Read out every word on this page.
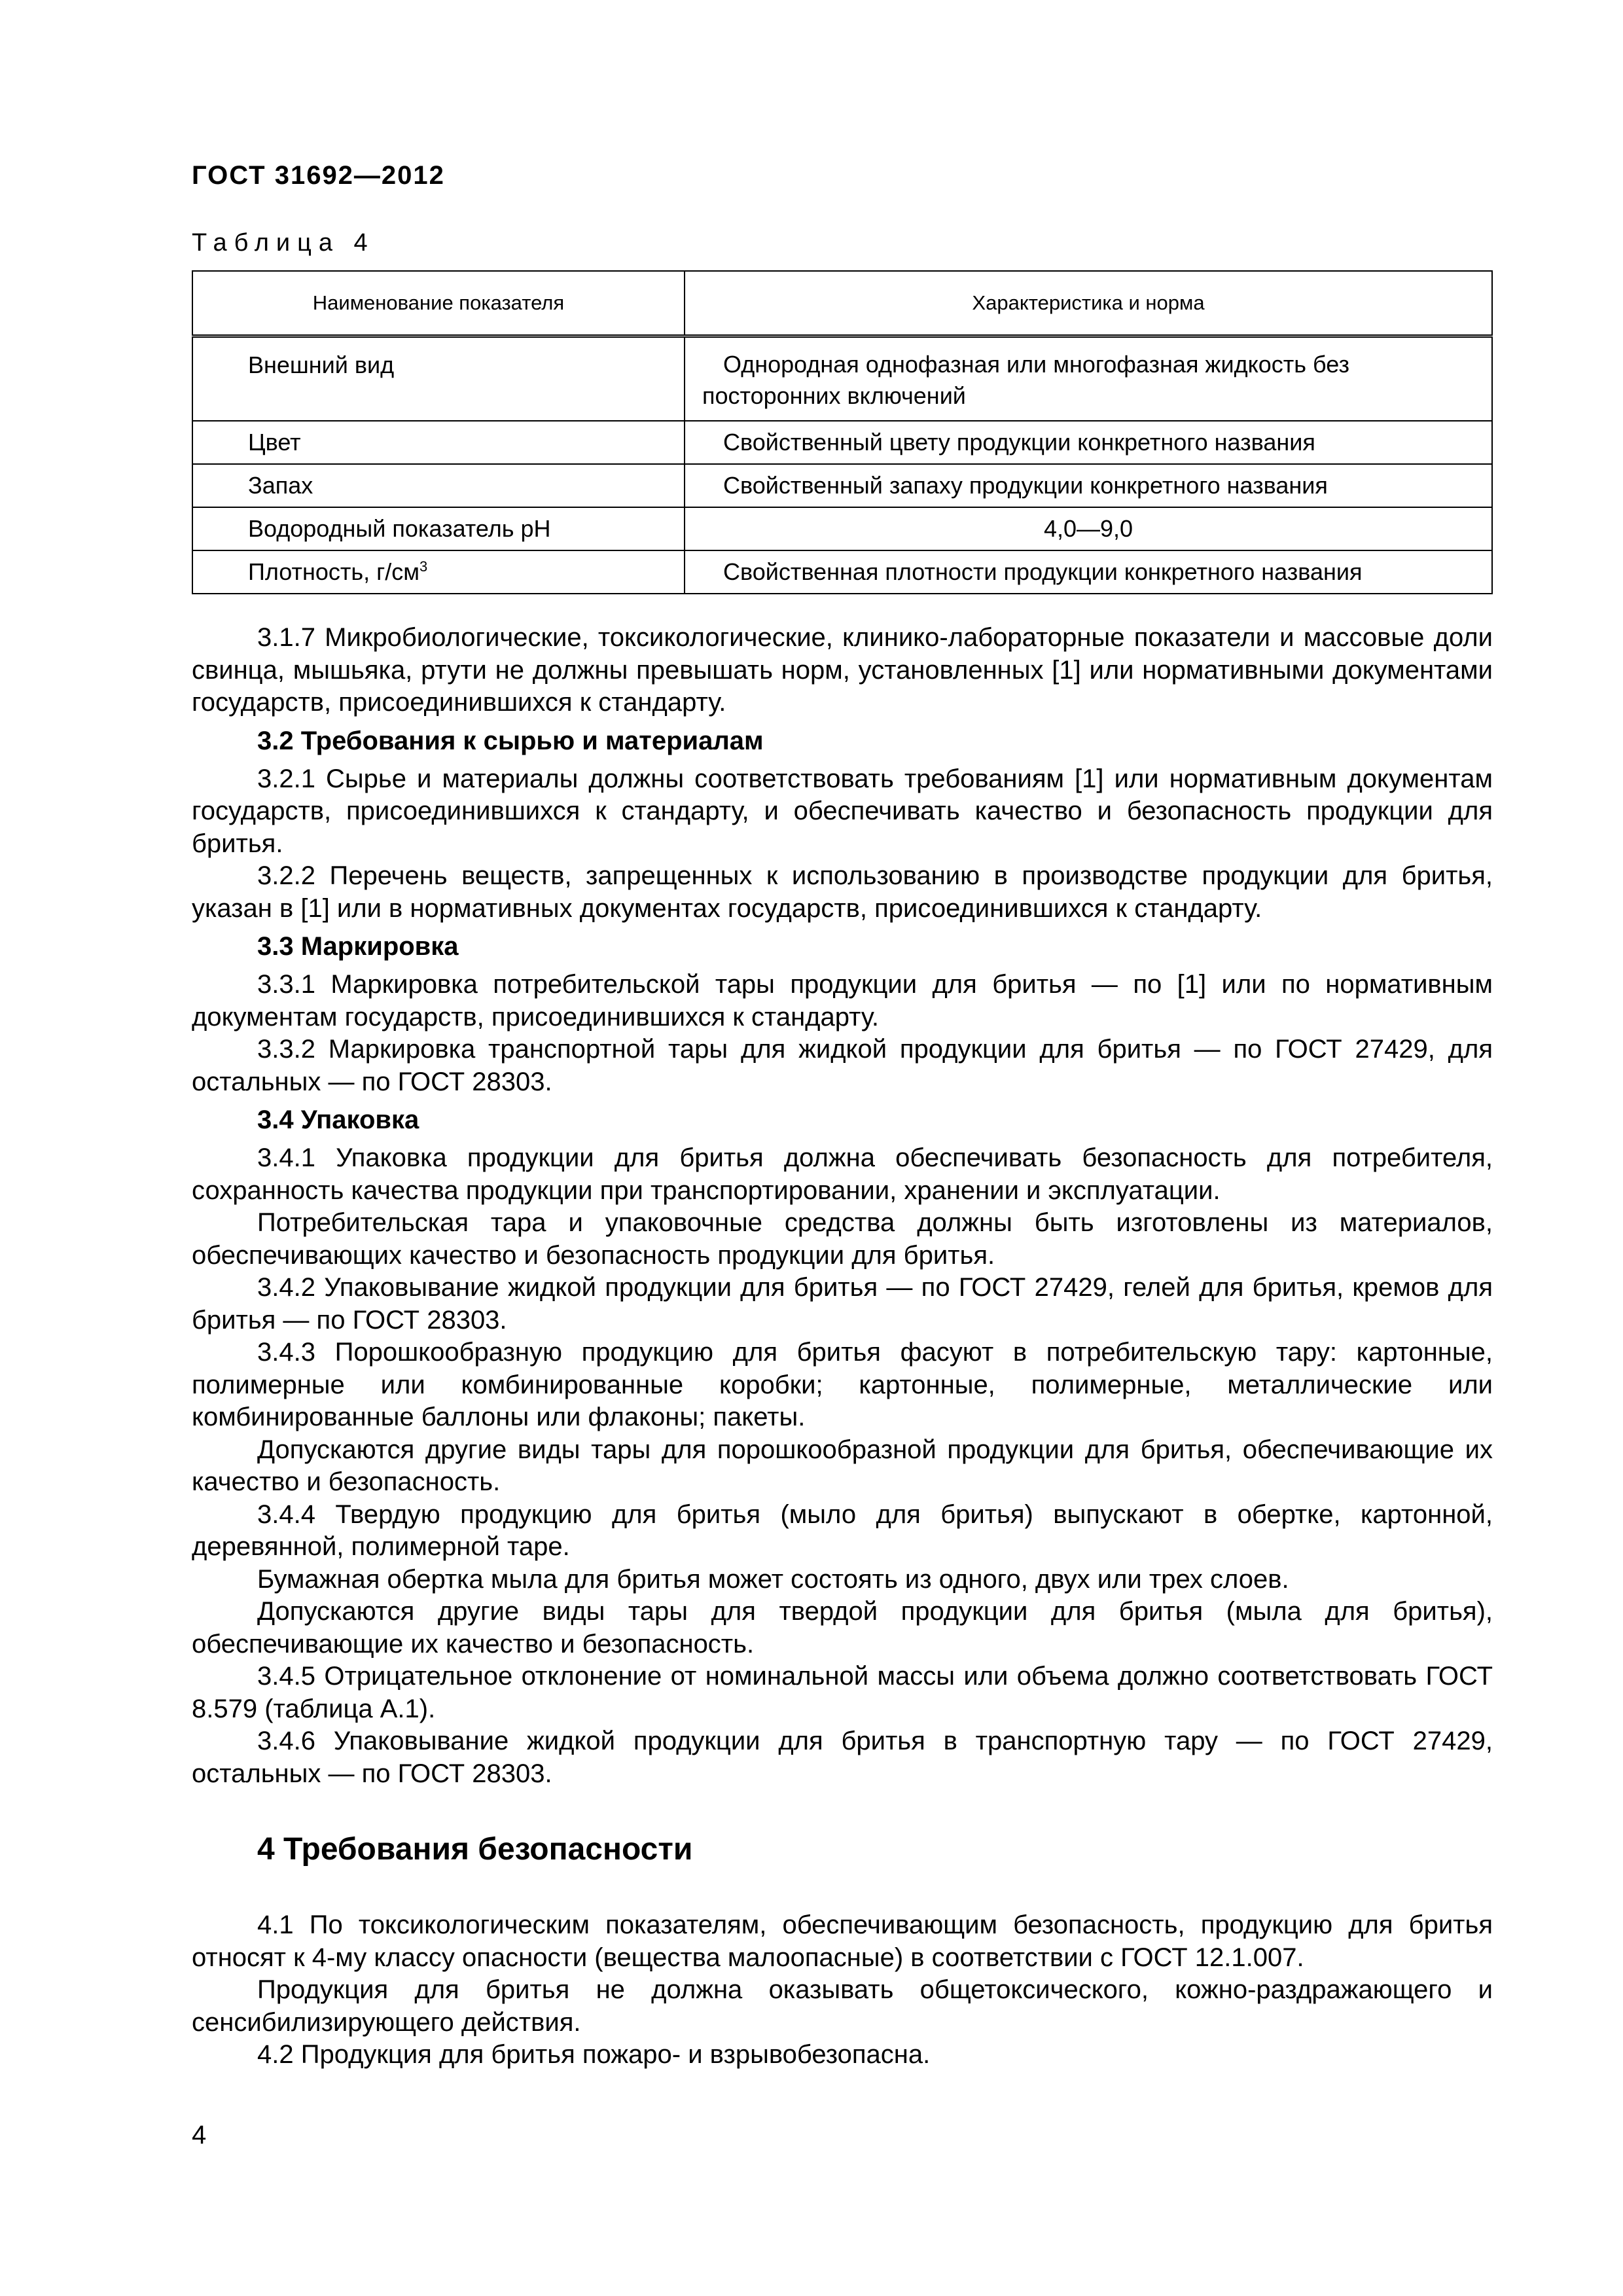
ГОСТ 31692—2012
Таблица 4
Наименование показателя	Характеристика и норма
Внешний вид	Однородная однофазная или многофазная жидкость без посторонних включений
Цвет	Свойственный цвету продукции конкретного названия
Запах	Свойственный запаху продукции конкретного названия
Водородный показатель pH	4,0—9,0
Плотность, $г/см^3$	Свойственная плотности продукции конкретного названия

3.1.7 Микробиологические, токсикологические, клинико-лабораторные показатели и массовые доли свинца, мышьяка, ртути не должны превышать норм, установленных [1] или нормативными документами государств, присоединившихся к стандарту.

3.2 Требования к сырью и материалам

3.2.1 Сырье и материалы должны соответствовать требованиям [1] или нормативным документам государств, присоединившихся к стандарту, и обеспечивать качество и безопасность продукции для бритья.

3.2.2 Перечень веществ, запрещенных к использованию в производстве продукции для бритья, указан в [1] или в нормативных документах государств, присоединившихся к стандарту.

3.3 Маркировка

3.3.1 Маркировка потребительской тары продукции для бритья — по [1] или по нормативным документам государств, присоединившихся к стандарту.

3.3.2 Маркировка транспортной тары для жидкой продукции для бритья — по ГОСТ 27429, для остальных — по ГОСТ 28303.

3.4 Упаковка

3.4.1 Упаковка продукции для бритья должна обеспечивать безопасность для потребителя, сохранность качества продукции при транспортировании, хранении и эксплуатации.

Потребительская тара и упаковочные средства должны быть изготовлены из материалов, обеспечивающих качество и безопасность продукции для бритья.

3.4.2 Упаковывание жидкой продукции для бритья — по ГОСТ 27429, гелей для бритья, кремов для бритья — по ГОСТ 28303.

3.4.3 Порошкообразную продукцию для бритья фасуют в потребительскую тару: картонные, полимерные или комбинированные коробки; картонные, полимерные, металлические или комбинированные баллоны или флаконы; пакеты.

Допускаются другие виды тары для порошкообразной продукции для бритья, обеспечивающие их качество и безопасность.

3.4.4 Твердую продукцию для бритья (мыло для бритья) выпускают в обертке, картонной, деревянной, полимерной таре.

Бумажная обертка мыла для бритья может состоять из одного, двух или трех слоев.

Допускаются другие виды тары для твердой продукции для бритья (мыла для бритья), обеспечивающие их качество и безопасность.

3.4.5 Отрицательное отклонение от номинальной массы или объема должно соответствовать ГОСТ 8.579 (таблица А.1).

3.4.6 Упаковывание жидкой продукции для бритья в транспортную тару — по ГОСТ 27429, остальных — по ГОСТ 28303.

4 Требования безопасности

4.1 По токсикологическим показателям, обеспечивающим безопасность, продукцию для бритья относят к 4-му классу опасности (вещества малоопасные) в соответствии с ГОСТ 12.1.007.

Продукция для бритья не должна оказывать общетоксического, кожно-раздражающего и сенсибилизирующего действия.

4.2 Продукция для бритья пожаро- и взрывобезопасна.

4
